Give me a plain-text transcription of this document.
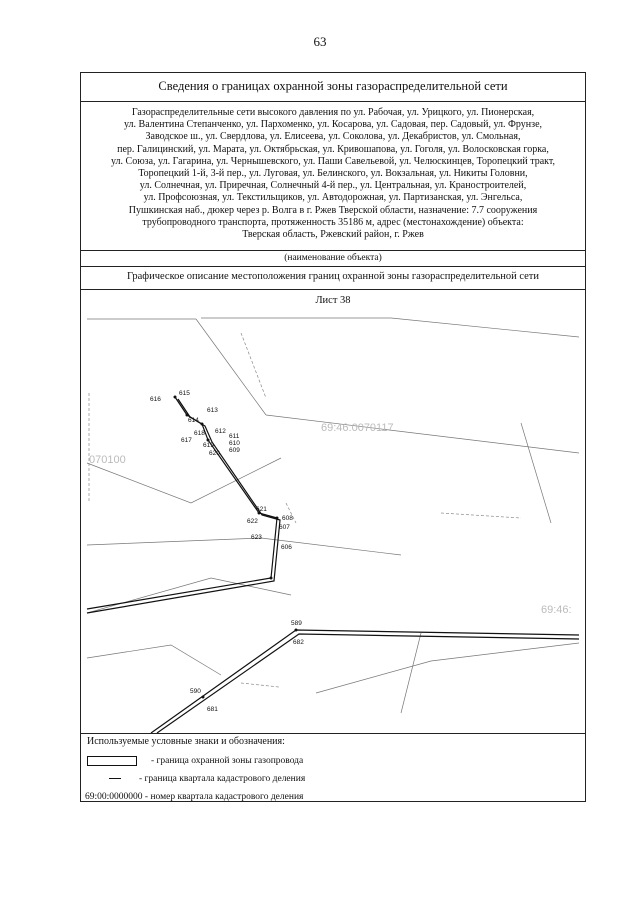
63
Сведения о границах охранной зоны газораспределительной сети
Газораспределительные сети высокого давления по ул. Рабочая, ул. Урицкого, ул. Пионерская,
ул. Валентина Степанченко, ул. Пархоменко, ул. Косарова, ул. Садовая, пер. Садовый, ул. Фрунзе,
Заводское ш., ул. Свердлова, ул. Елисеева, ул. Соколова, ул. Декабристов, ул. Смольная,
пер. Галицинский, ул. Марата, ул. Октябрьская, ул. Кривошапова, ул. Гоголя, ул. Волосковская горка,
ул. Союза, ул. Гагарина, ул. Чернышевского, ул. Паши Савельевой, ул. Челюскинцев, Торопецкий тракт,
Торопецкий 1-й, 3-й пер., ул. Луговая, ул. Белинского, ул. Вокзальная, ул. Никиты Головни,
ул. Солнечная, ул. Приречная, Солнечный 4-й пер., ул. Центральная, ул. Краностроителей,
ул. Профсоюзная, ул. Текстильщиков, ул. Автодорожная, ул. Партизанская, ул. Энгельса,
Пушкинская наб., дюкер через р. Волга в г. Ржев Тверской области, назначение: 7.7 сооружения
трубопроводного транспорта, протяженность 35186 м, адрес (местонахождение) объекта:
Тверская область, Ржевский район, г. Ржев
(наименование объекта)
Графическое описание местоположения границ охранной зоны газораспределительной сети
Лист 38
69:46:0070117
070100
69:46:
615
616
613
614
617
618
619
612
611
610
609
620
621
608
622
607
623
606
589
682
590
681
Используемые условные знаки и обозначения:
- граница охранной зоны газопровода
- граница квартала кадастрового деления
69:00:0000000 - номер квартала кадастрового деления
